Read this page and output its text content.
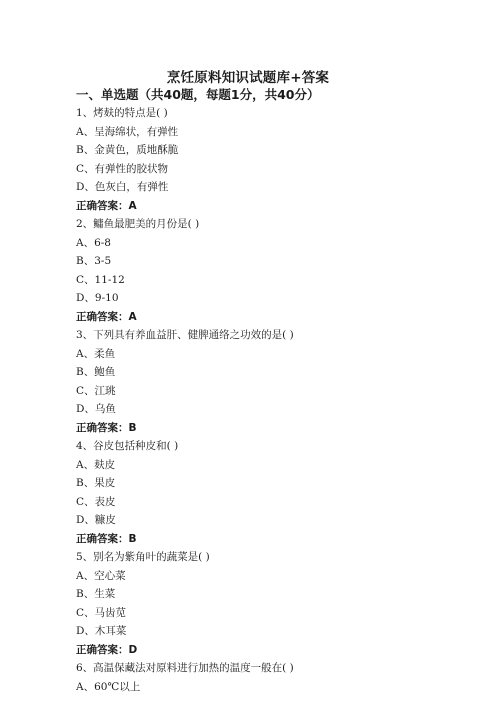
烹饪原料知识试题库+答案
一、单选题（共40题，每题1分，共40分）
1、烤麸的特点是( )
A、呈海绵状，有弹性
B、金黄色，质地酥脆
C、有弹性的胶状物
D、色灰白，有弹性
正确答案：A
2、鳙鱼最肥美的月份是( )
A、6-8
B、3-5
C、11-12
D、9-10
正确答案：A
3、下列具有养血益肝、健脾通络之功效的是( )
A、柔鱼
B、鲍鱼
C、江珧
D、乌鱼
正确答案：B
4、谷皮包括种皮和( )
A、麸皮
B、果皮
C、表皮
D、糠皮
正确答案：B
5、别名为紫角叶的蔬菜是( )
A、空心菜
B、生菜
C、马齿苋
D、木耳菜
正确答案：D
6、高温保藏法对原料进行加热的温度一般在( )
A、60℃以上
